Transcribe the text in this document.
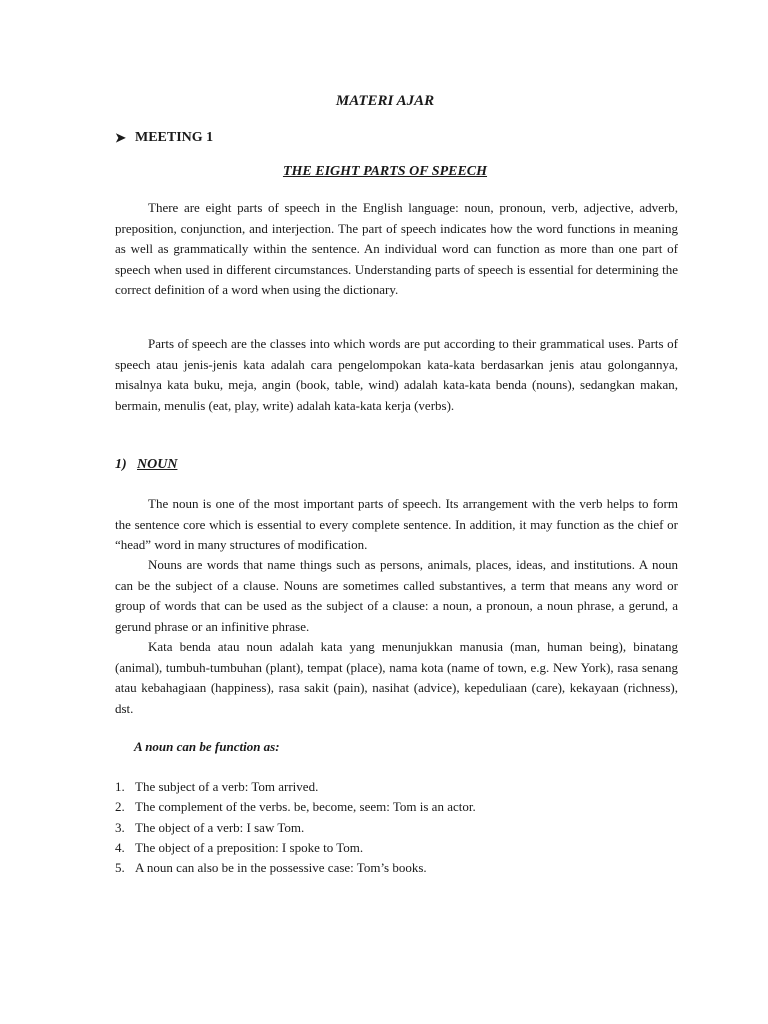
MATERI AJAR
➤ MEETING 1
THE EIGHT PARTS OF SPEECH

There are eight parts of speech in the English language: noun, pronoun, verb, adjective, adverb, preposition, conjunction, and interjection. The part of speech indicates how the word functions in meaning as well as grammatically within the sentence. An individual word can function as more than one part of speech when used in different circumstances. Understanding parts of speech is essential for determining the correct definition of a word when using the dictionary.

Parts of speech are the classes into which words are put according to their grammatical uses. Parts of speech atau jenis-jenis kata adalah cara pengelompokan kata-kata berdasarkan jenis atau golongannya, misalnya kata buku, meja, angin (book, table, wind) adalah kata-kata benda (nouns), sedangkan makan, bermain, menulis (eat, play, write) adalah kata-kata kerja (verbs).

1) NOUN

The noun is one of the most important parts of speech. Its arrangement with the verb helps to form the sentence core which is essential to every complete sentence. In addition, it may function as the chief or “head” word in many structures of modification.

Nouns are words that name things such as persons, animals, places, ideas, and institutions. A noun can be the subject of a clause. Nouns are sometimes called substantives, a term that means any word or group of words that can be used as the subject of a clause: a noun, a pronoun, a noun phrase, a gerund, a gerund phrase or an infinitive phrase.

Kata benda atau noun adalah kata yang menunjukkan manusia (man, human being), binatang (animal), tumbuh-tumbuhan (plant), tempat (place), nama kota (name of town, e.g. New York), rasa senang atau kebahagiaan (happiness), rasa sakit (pain), nasihat (advice), kepeduliaan (care), kekayaan (richness), dst.

A noun can be function as:

1. The subject of a verb: Tom arrived.
2. The complement of the verbs. be, become, seem: Tom is an actor.
3. The object of a verb: I saw Tom.
4. The object of a preposition: I spoke to Tom.
5. A noun can also be in the possessive case: Tom’s books.
